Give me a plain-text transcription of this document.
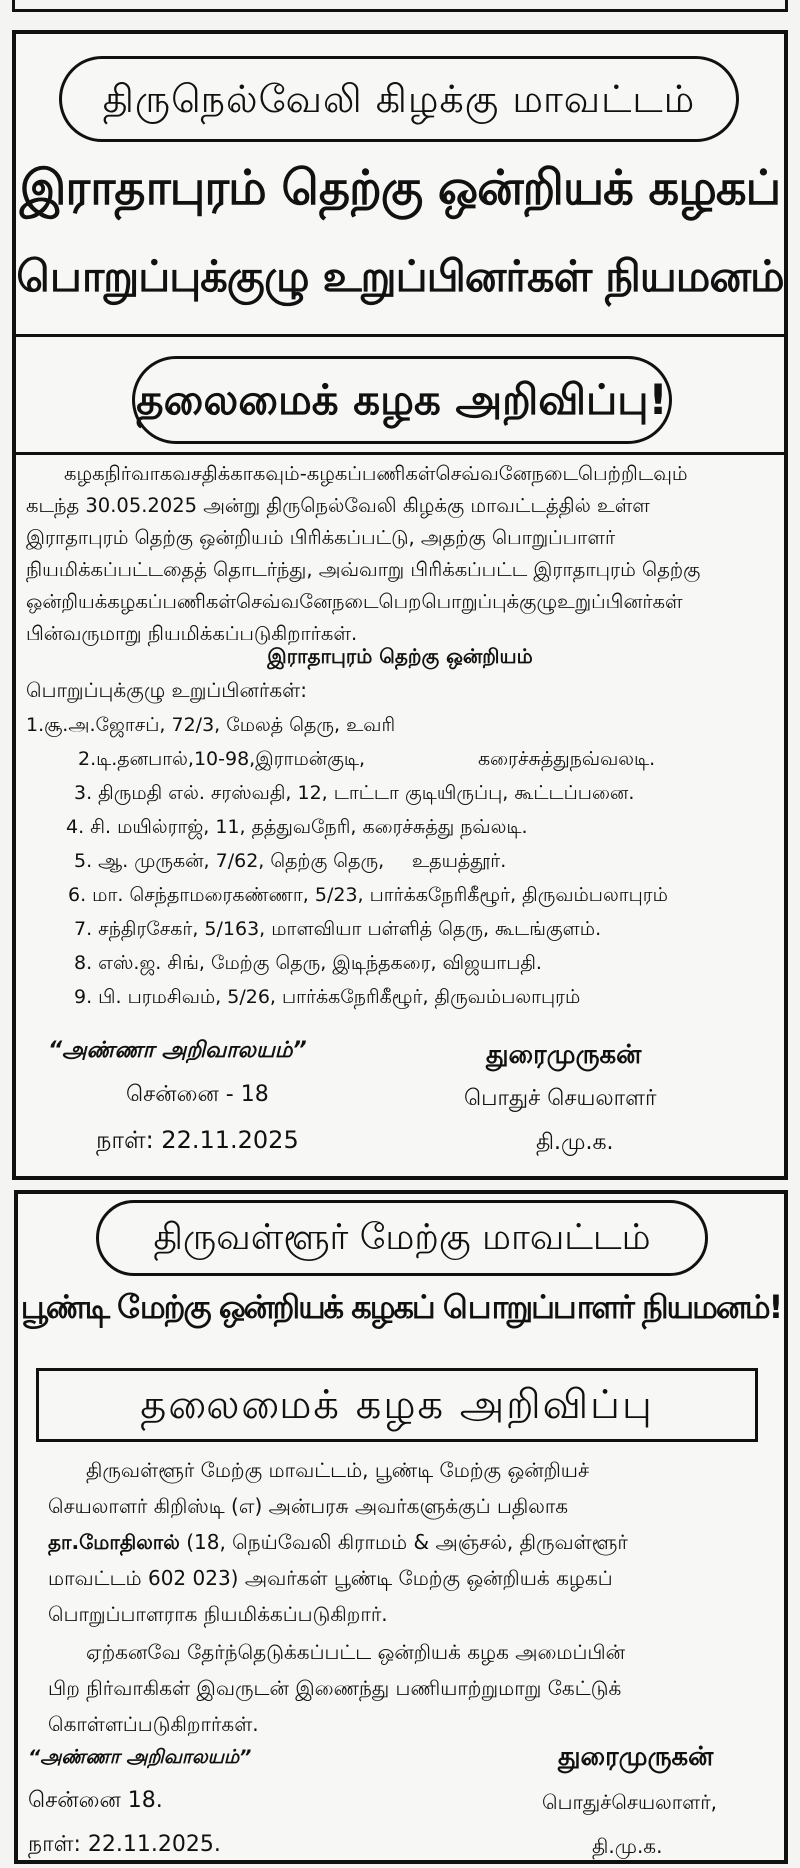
திருநெல்வேலி கிழக்கு மாவட்டம்
இராதாபுரம் தெற்கு ஒன்றியக் கழகப்
பொறுப்புக்குழு உறுப்பினர்கள் நியமனம்
தலைமைக் கழக அறிவிப்பு!
கழகநிர்வாகவசதிக்காகவும்-கழகப்பணிகள்செவ்வனேநடைபெற்றிடவும்
கடந்த 30.05.2025 அன்று திருநெல்வேலி கிழக்கு மாவட்டத்தில் உள்ள
இராதாபுரம் தெற்கு ஒன்றியம் பிரிக்கப்பட்டு, அதற்கு பொறுப்பாளர்
நியமிக்கப்பட்டதைத் தொடர்ந்து, அவ்வாறு பிரிக்கப்பட்ட இராதாபுரம் தெற்கு
ஒன்றியக்கழகப்பணிகள்செவ்வனேநடைபெறபொறுப்புக்குழுஉறுப்பினர்கள்
பின்வருமாறு நியமிக்கப்படுகிறார்கள்.
இராதாபுரம் தெற்கு ஒன்றியம்
பொறுப்புக்குழு உறுப்பினர்கள்:
1.சூ.அ.ஜோசப், 72/3, மேலத் தெரு, உவரி
2.டி.தனபால்,10-98,இராமன்குடி,	கரைச்சுத்துநவ்வலடி.
3. திருமதி எல். சரஸ்வதி, 12, டாட்டா குடியிருப்பு, கூட்டப்பனை.
4. சி. மயில்ராஜ், 11, தத்துவநேரி, கரைச்சுத்து நவ்லடி.
5. ஆ. முருகன், 7/62, தெற்கு தெரு, உதயத்தூர்.
6. மா. செந்தாமரைகண்ணா, 5/23, பார்க்கநேரிகீழூர், திருவம்பலாபுரம்
7. சந்திரசேகர், 5/163, மாளவியா பள்ளித் தெரு, கூடங்குளம்.
8. எஸ்.ஜ. சிங், மேற்கு தெரு, இடிந்தகரை, விஜயாபதி.
9. பி. பரமசிவம், 5/26, பார்க்கநேரிகீழூர், திருவம்பலாபுரம்
“அண்ணா அறிவாலயம்”
சென்னை - 18
நாள்: 22.11.2025
துரைமுருகன்
பொதுச் செயலாளர்
தி.மு.க.
திருவள்ளூர் மேற்கு மாவட்டம்
பூண்டி மேற்கு ஒன்றியக் கழகப் பொறுப்பாளர் நியமனம்!
தலைமைக் கழக அறிவிப்பு
திருவள்ளூர் மேற்கு மாவட்டம், பூண்டி மேற்கு ஒன்றியச்
செயலாளர் கிறிஸ்டி (எ) அன்பரசு அவர்களுக்குப் பதிலாக
தா.மோதிலால் (18, நெய்வேலி கிராமம் & அஞ்சல், திருவள்ளூர்
மாவட்டம் 602 023) அவர்கள் பூண்டி மேற்கு ஒன்றியக் கழகப்
பொறுப்பாளராக நியமிக்கப்படுகிறார்.
ஏற்கனவே தேர்ந்தெடுக்கப்பட்ட ஒன்றியக் கழக அமைப்பின்
பிற நிர்வாகிகள் இவருடன் இணைந்து பணியாற்றுமாறு கேட்டுக்
கொள்ளப்படுகிறார்கள்.
“அண்ணா அறிவாலயம்”
சென்னை 18.
நாள்: 22.11.2025.
துரைமுருகன்
பொதுச்செயலாளர்,
தி.மு.க.
